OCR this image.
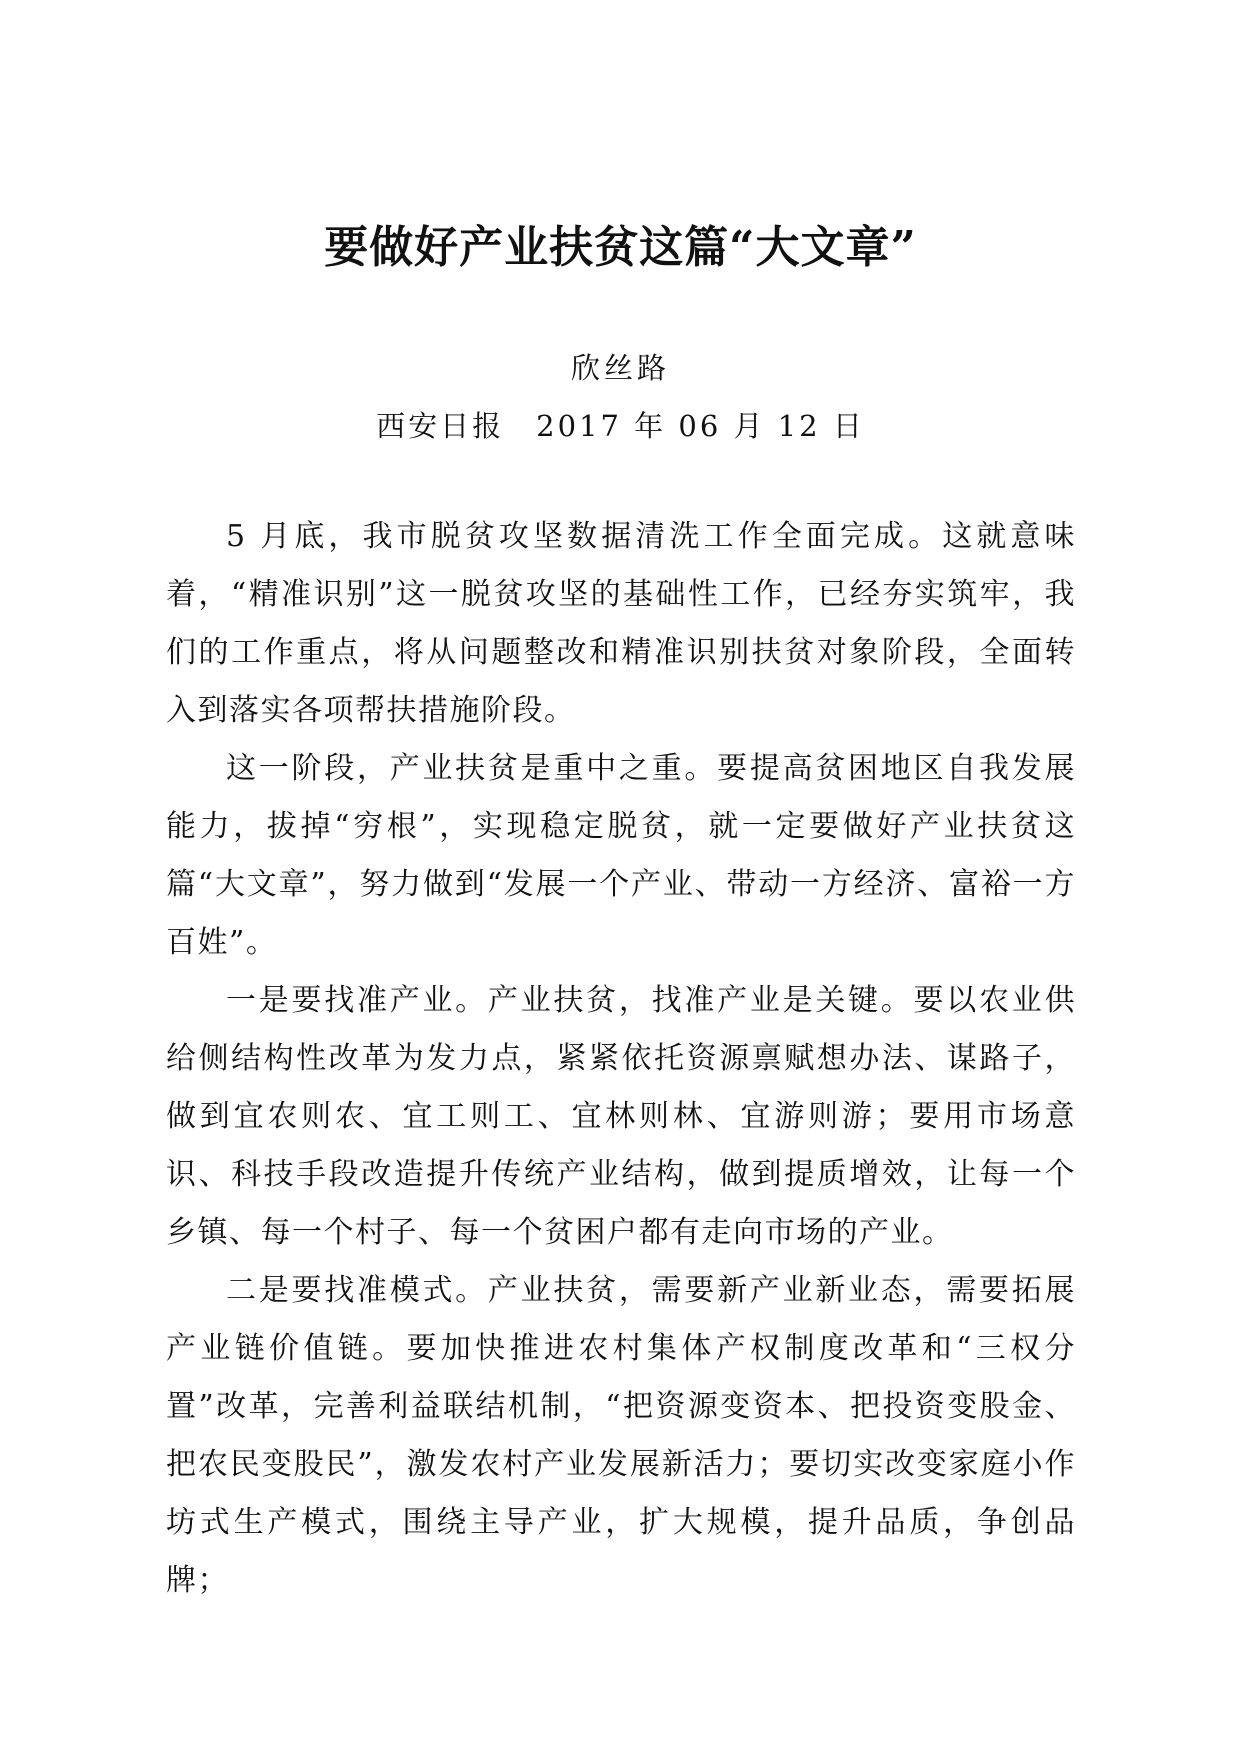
要做好产业扶贫这篇“大文章”
欣丝路
西安日报　2017 年 06 月 12 日

5 月底，我市脱贫攻坚数据清洗工作全面完成。这就意味着，“精准识别”这一脱贫攻坚的基础性工作，已经夯实筑牢，我们的工作重点，将从问题整改和精准识别扶贫对象阶段，全面转入到落实各项帮扶措施阶段。

这一阶段，产业扶贫是重中之重。要提高贫困地区自我发展能力，拔掉“穷根”，实现稳定脱贫，就一定要做好产业扶贫这篇“大文章”，努力做到“发展一个产业、带动一方经济、富裕一方百姓”。

一是要找准产业。产业扶贫，找准产业是关键。要以农业供给侧结构性改革为发力点，紧紧依托资源禀赋想办法、谋路子，做到宜农则农、宜工则工、宜林则林、宜游则游；要用市场意识、科技手段改造提升传统产业结构，做到提质增效，让每一个乡镇、每一个村子、每一个贫困户都有走向市场的产业。

二是要找准模式。产业扶贫，需要新产业新业态，需要拓展产业链价值链。要加快推进农村集体产权制度改革和“三权分置”改革，完善利益联结机制，“把资源变资本、把投资变股金、把农民变股民”，激发农村产业发展新活力；要切实改变家庭小作坊式生产模式，围绕主导产业，扩大规模，提升品质，争创品牌；
